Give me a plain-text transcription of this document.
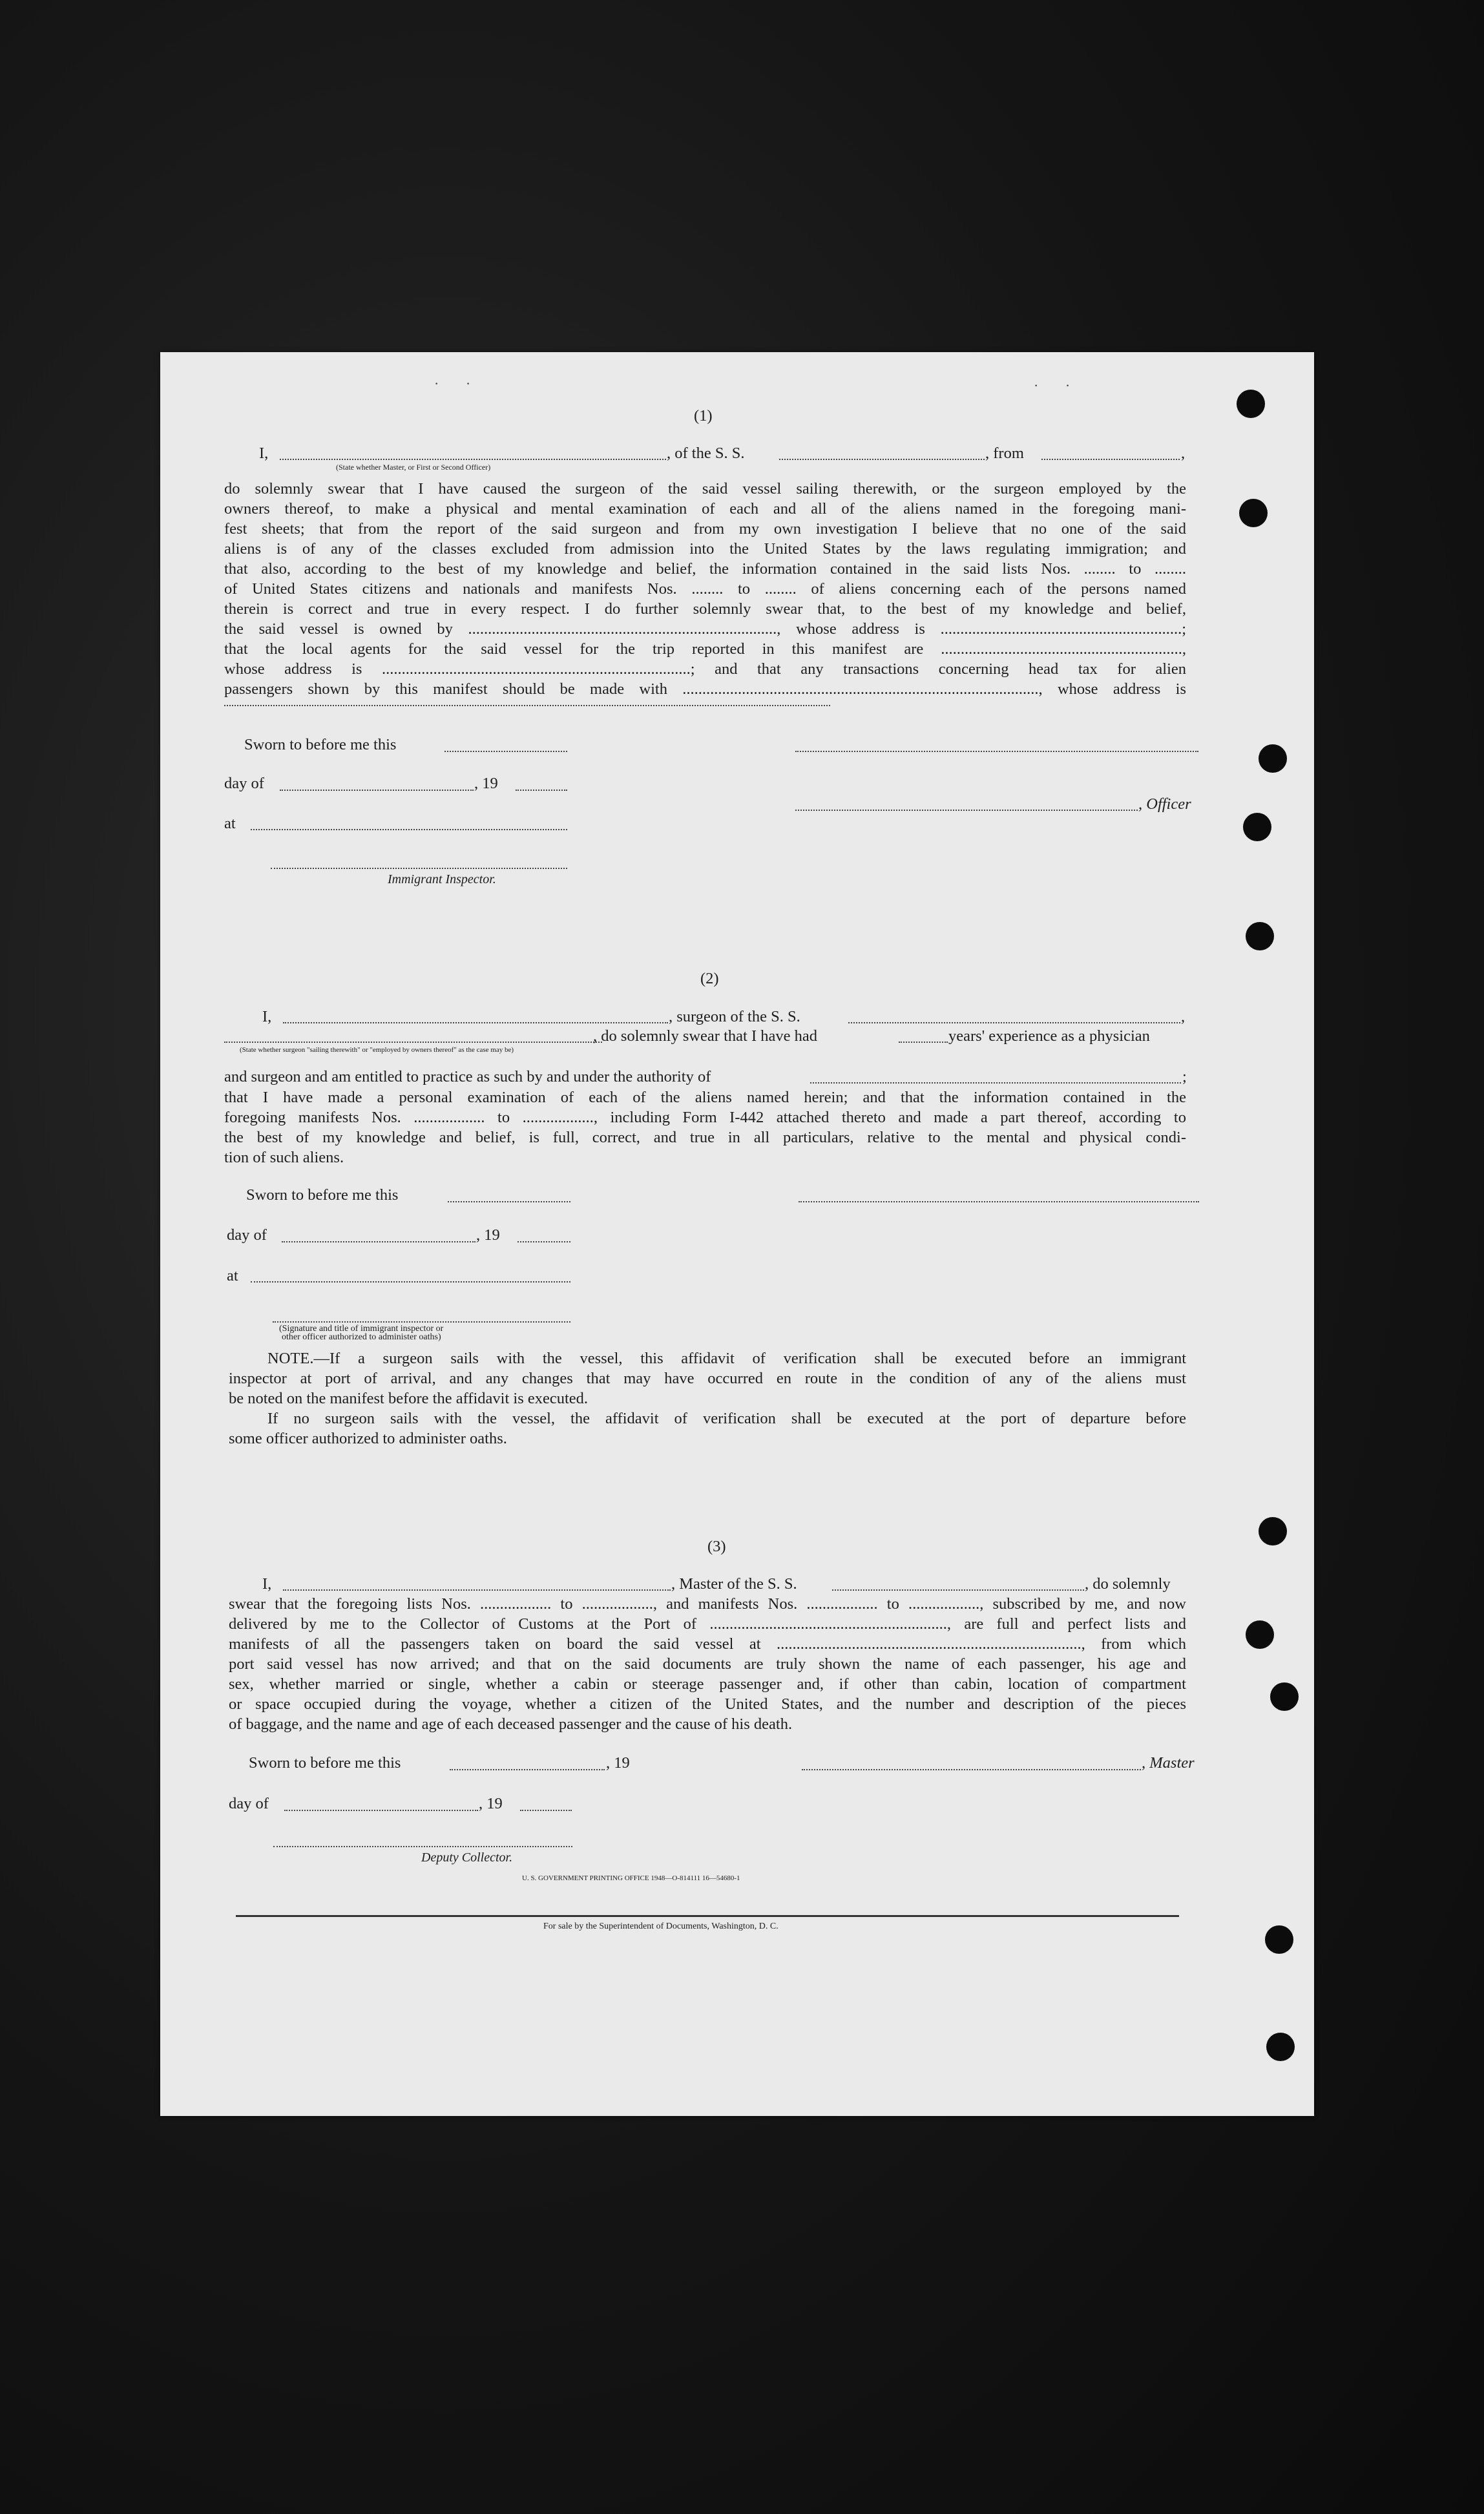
(1)
I,
(State whether Master, or First or Second Officer)
, of the S. S.	, from	,
do solemnly swear that I have caused the surgeon of the said vessel sailing therewith, or the surgeon employed by the
owners thereof, to make a physical and mental examination of each and all of the aliens named in the foregoing mani-
fest sheets; that from the report of the said surgeon and from my own investigation I believe that no one of the said
aliens is of any of the classes excluded from admission into the United States by the laws regulating immigration; and
that also, according to the best of my knowledge and belief, the information contained in the said lists Nos. ........ to ........
of United States citizens and nationals and manifests Nos. ........ to ........ of aliens concerning each of the persons named
therein is correct and true in every respect. I do further solemnly swear that, to the best of my knowledge and belief,
the said vessel is owned by .............................................................................., whose address is .............................................................;
that the local agents for the said vessel for the trip reported in this manifest are .............................................................,
whose address is ..............................................................................; and that any transactions concerning head tax for alien
passengers shown by this manifest should be made with .........................................................................................., whose address is
Sworn to before me this
day of	, 19
, Officer
at
Immigrant Inspector.
(2)
I,	, surgeon of the S. S.	,
(State whether surgeon "sailing therewith" or "employed by owners thereof" as the case may be)
, do solemnly swear that I have had	years' experience as a physician
and surgeon and am entitled to practice as such by and under the authority of	;
that I have made a personal examination of each of the aliens named herein; and that the information contained in the
foregoing manifests Nos. .................. to .................., including Form I-442 attached thereto and made a part thereof, according to
the best of my knowledge and belief, is full, correct, and true in all particulars, relative to the mental and physical condi-
tion of such aliens.
Sworn to before me this
day of	, 19
at
(Signature and title of immigrant inspector or
other officer authorized to administer oaths)
NOTE.—If a surgeon sails with the vessel, this affidavit of verification shall be executed before an immigrant
inspector at port of arrival, and any changes that may have occurred en route in the condition of any of the aliens must
be noted on the manifest before the affidavit is executed.
If no surgeon sails with the vessel, the affidavit of verification shall be executed at the port of departure before
some officer authorized to administer oaths.
(3)
I,	, Master of the S. S.	, do solemnly
swear that the foregoing lists Nos. .................. to .................., and manifests Nos. .................. to .................., subscribed by me, and now
delivered by me to the Collector of Customs at the Port of ............................................................, are full and perfect lists and
manifests of all the passengers taken on board the said vessel at ............................................................................., from which
port said vessel has now arrived; and that on the said documents are truly shown the name of each passenger, his age and
sex, whether married or single, whether a cabin or steerage passenger and, if other than cabin, location of compartment
or space occupied during the voyage, whether a citizen of the United States, and the number and description of the pieces
of baggage, and the name and age of each deceased passenger and the cause of his death.
Sworn to before me this	, 19	, Master
day of	, 19
Deputy Collector.
U. S. GOVERNMENT PRINTING OFFICE 1948—O-814111 16—54680-1
For sale by the Superintendent of Documents, Washington, D. C.
· ·	· ·
